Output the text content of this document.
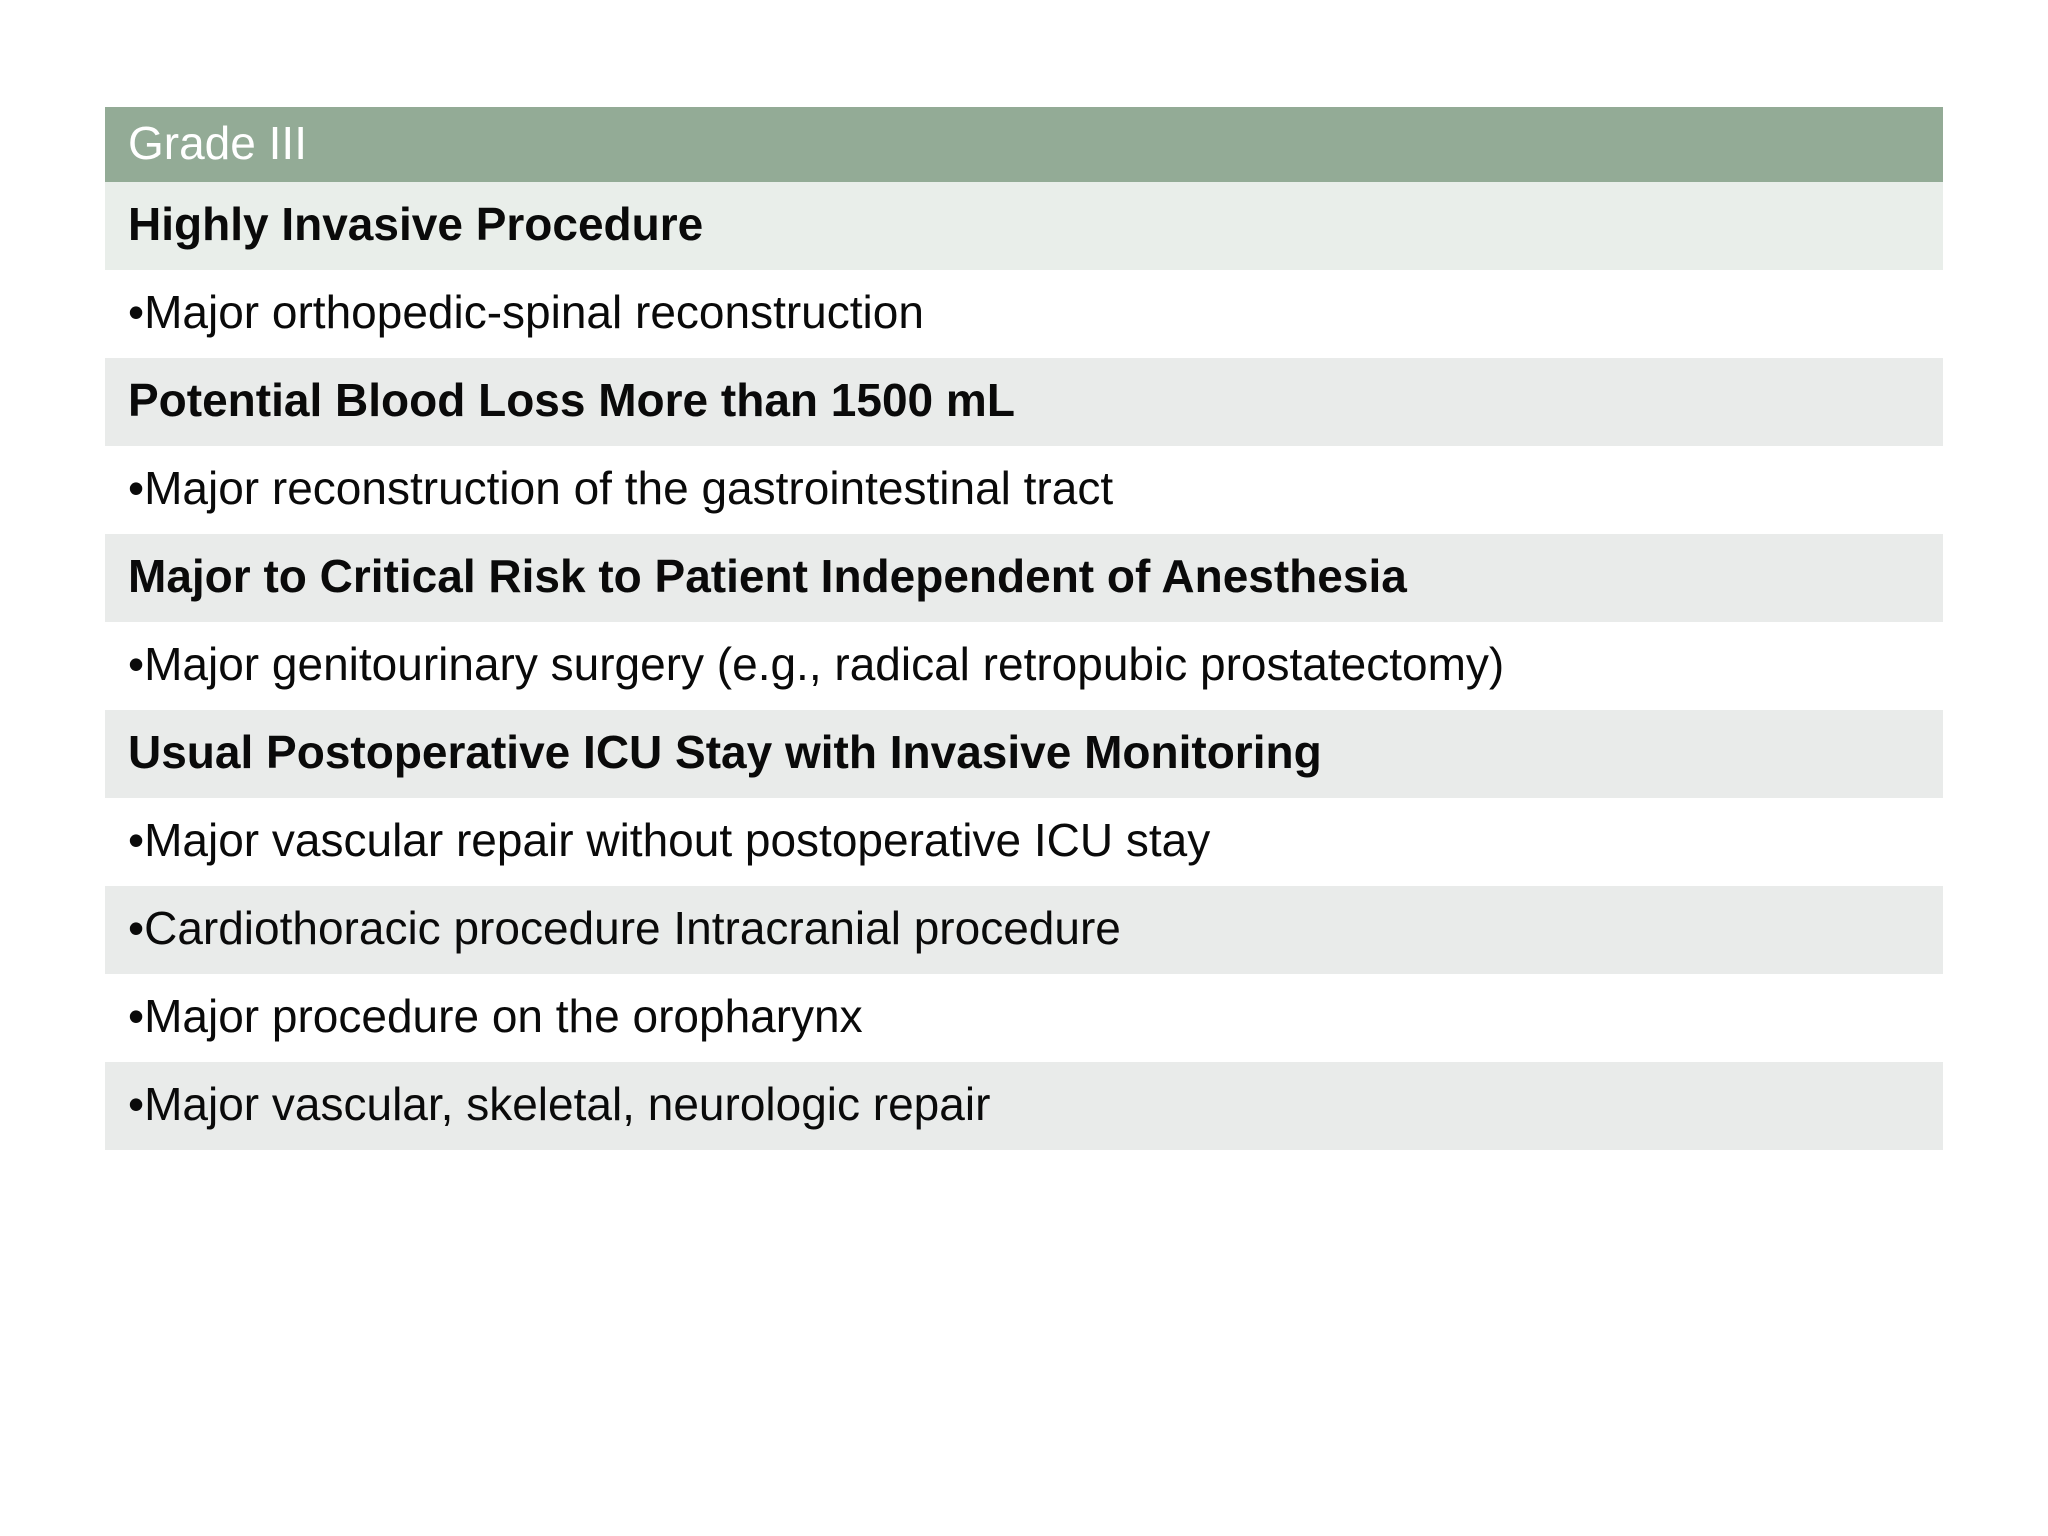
Grade III
Highly Invasive Procedure
•Major orthopedic-spinal reconstruction
Potential Blood Loss More than 1500 mL
•Major reconstruction of the gastrointestinal tract
Major to Critical Risk to Patient Independent of Anesthesia
•Major genitourinary surgery (e.g., radical retropubic prostatectomy)
Usual Postoperative ICU Stay with Invasive Monitoring
•Major vascular repair without postoperative ICU stay
•Cardiothoracic procedure Intracranial procedure
•Major procedure on the oropharynx
•Major vascular, skeletal, neurologic repair
